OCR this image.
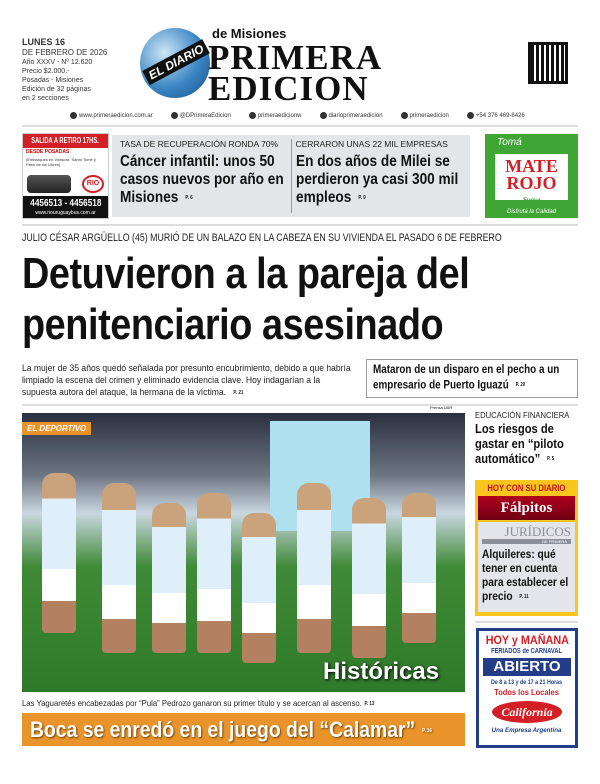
LUNES 16
DE FEBRERO DE 2026
Año XXXV - Nº 12.620
Precio $2.000.-
Posadas - Misiones
Edición de 32 páginas
en 2 secciones
EL DIARIO
de Misiones
PRIMERA
EDICION
www.primeraedicion.com.ar	@DPrimeraEdicion	primeraedicionw	diarioprimeraedicion	primeraedicion	+54 376 469-8426
SALIDA A RETIRO 17HS.
DESDE POSADAS
(Embarques en Virasoro, Santo Tomé y Paso de los Libres)
RIO
4456513 - 4456518
www.riouruguaybus.com.ar
TASA DE RECUPERACIÓN RONDA 70%
Cáncer infantil: unos 50 casos nuevos por año en Misiones P. 6
CERRARON UNAS 22 MIL EMPRESAS
En dos años de Milei se perdieron ya casi 300 mil empleos P. 9
Tomá
MATE ROJO
Suave
Disfrutá la Calidad
JULIO CÉSAR ARGÜELLO (45) MURIÓ DE UN BALAZO EN LA CABEZA EN SU VIVIENDA EL PASADO 6 DE FEBRERO
Detuvieron a la pareja del penitenciario asesinado
La mujer de 35 años quedó señalada por presunto encubrimiento, debido a que habría limpiado la escena del crimen y eliminado evidencia clave. Hoy indagarían a la supuesta autora del ataque, la hermana de la víctima. P. 21
Mataron de un disparo en el pecho a un empresario de Puerto Iguazú P. 20
Prensa UAR
EL DEPORTIVO
Históricas
Las Yaguaretés encabezadas por “Pula” Pedrozo ganaron su primer título y se acercan al ascenso. P. 13
Boca se enredó en el juego del “Calamar” P. 16
EDUCACIÓN FINANCIERA
Los riesgos de gastar en “piloto automático” P. 5
HOY CON SU DIARIO
Fálpitos
JURÍDICOS
DE PRIMERA
Alquileres: qué tener en cuenta para establecer el precio P. 11
HOY y MAÑANA
FERIADOS de CARNAVAL
ABIERTO
De 8 a 13 y de 17 a 21 Horas
Todos los Locales
California
Una Empresa Argentina
